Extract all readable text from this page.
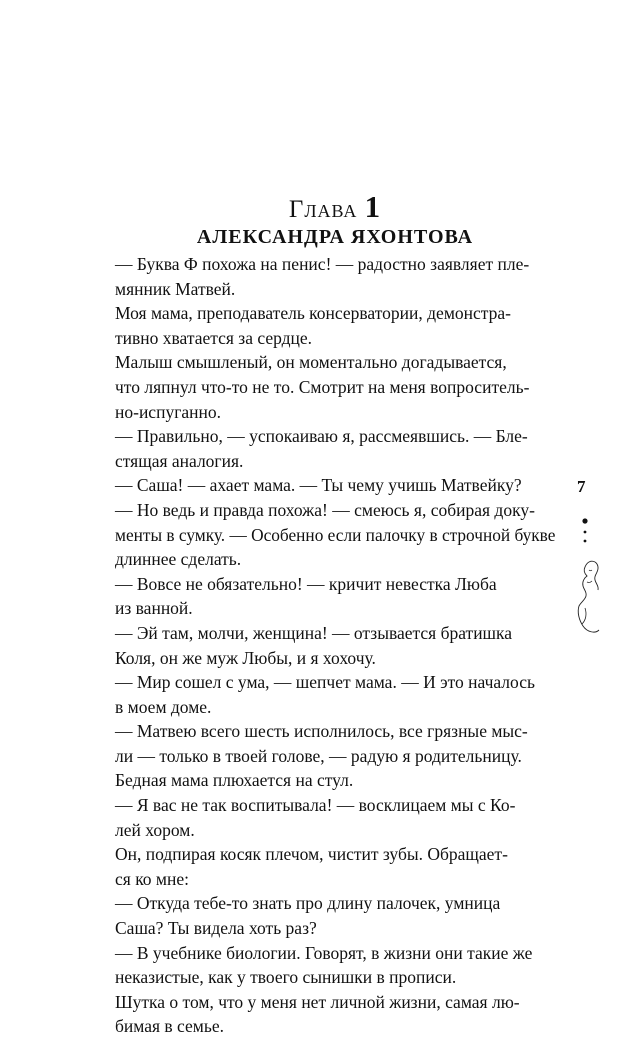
Глава 1
АЛЕКСАНДРА ЯХОНТОВА
— Буква Ф похожа на пенис! — радостно заявляет пле-
мянник Матвей.
Моя мама, преподаватель консерватории, демонстра-
тивно хватается за сердце.
Малыш смышленый, он моментально догадывается,
что ляпнул что-то не то. Смотрит на меня вопроситель-
но-испуганно.
— Правильно, — успокаиваю я, рассмеявшись. — Бле-
стящая аналогия.
— Саша! — ахает мама. — Ты чему учишь Матвейку?
— Но ведь и правда похожа! — смеюсь я, собирая доку-
менты в сумку. — Особенно если палочку в строчной букве
длиннее сделать.
— Вовсе не обязательно! — кричит невестка Люба
из ванной.
— Эй там, молчи, женщина! — отзывается братишка
Коля, он же муж Любы, и я хохочу.
— Мир сошел с ума, — шепчет мама. — И это началось
в моем доме.
— Матвею всего шесть исполнилось, все грязные мыс-
ли — только в твоей голове, — радую я родительницу.
Бедная мама плюхается на стул.
— Я вас не так воспитывала! — восклицаем мы с Ко-
лей хором.
Он, подпирая косяк плечом, чистит зубы. Обращает-
ся ко мне:
— Откуда тебе-то знать про длину палочек, умница
Саша? Ты видела хоть раз?
— В учебнике биологии. Говорят, в жизни они такие же
неказистые, как у твоего сынишки в прописи.
Шутка о том, что у меня нет личной жизни, самая лю-
бимая в семье.
7
